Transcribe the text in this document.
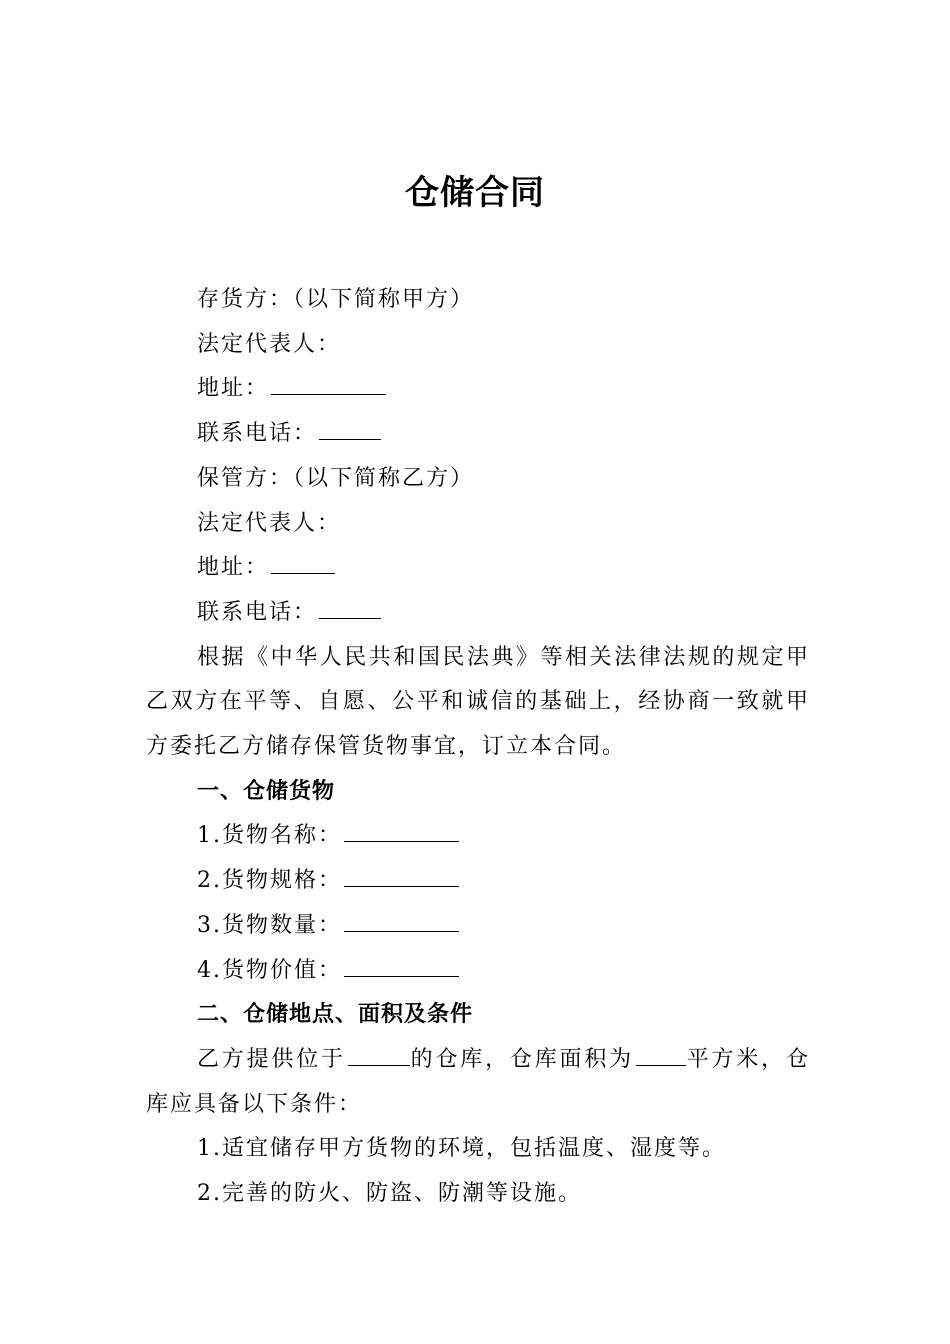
仓储合同

存货方：（以下简称甲方）

法定代表人：

地址：

联系电话：

保管方：（以下简称乙方）

法定代表人：

地址：

联系电话：

根据《中华人民共和国民法典》等相关法律法规的规定甲乙双方在平等、自愿、公平和诚信的基础上，经协商一致就甲方委托乙方储存保管货物事宜，订立本合同。

一、仓储货物

1.货物名称：

2.货物规格：

3.货物数量：

4.货物价值：

二、仓储地点、面积及条件

乙方提供位于	的仓库，仓库面积为 平方米，仓库应具备以下条件：

1.适宜储存甲方货物的环境，包括温度、湿度等。

2.完善的防火、防盗、防潮等设施。
